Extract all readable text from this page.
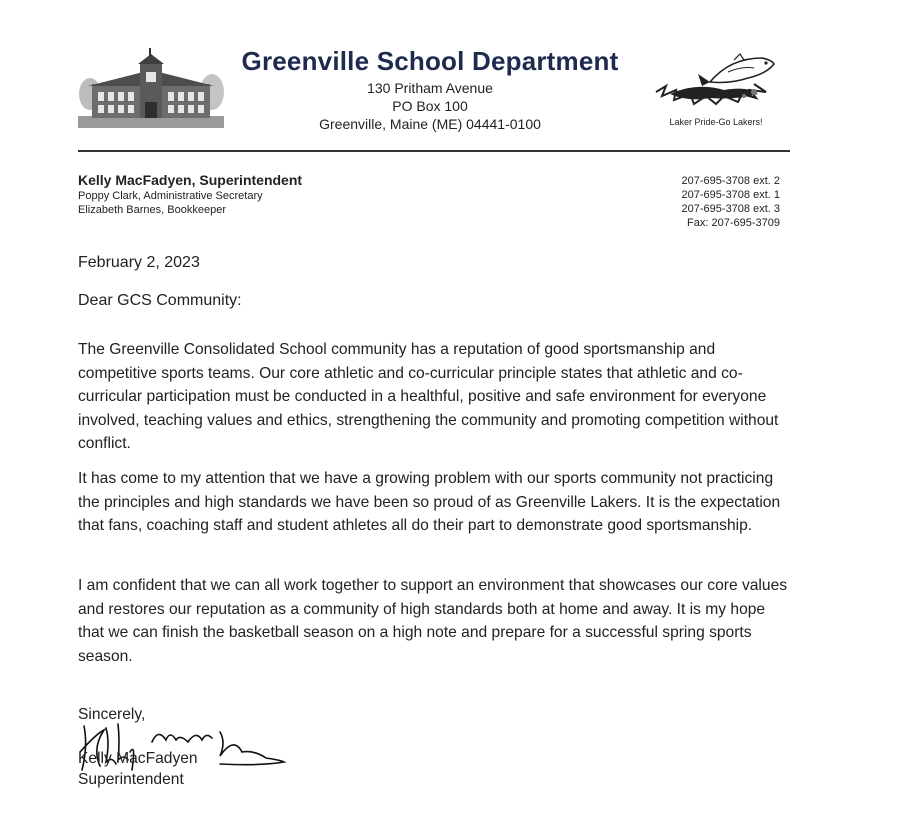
Greenville School Department
130 Pritham Avenue
PO Box 100
Greenville, Maine (ME) 04441-0100	Laker Pride-Go Lakers!
Kelly MacFadyen, Superintendent
Poppy Clark, Administrative Secretary
Elizabeth Barnes, Bookkeeper
207-695-3708 ext. 2
207-695-3708 ext. 1
207-695-3708 ext. 3
Fax: 207-695-3709
February 2, 2023
Dear GCS Community:

The Greenville Consolidated School community has a reputation of good sportsmanship and competitive sports teams. Our core athletic and co-curricular principle states that athletic and co-curricular participation must be conducted in a healthful, positive and safe environment for everyone involved, teaching values and ethics, strengthening the community and promoting competition without conflict.

It has come to my attention that we have a growing problem with our sports community not practicing the principles and high standards we have been so proud of as Greenville Lakers. It is the expectation that fans, coaching staff and student athletes all do their part to demonstrate good sportsmanship.

I am confident that we can all work together to support an environment that showcases our core values and restores our reputation as a community of high standards both at home and away. It is my hope that we can finish the basketball season on a high note and prepare for a successful spring sports season.

Sincerely,
Kelly MacFadyen
Superintendent
